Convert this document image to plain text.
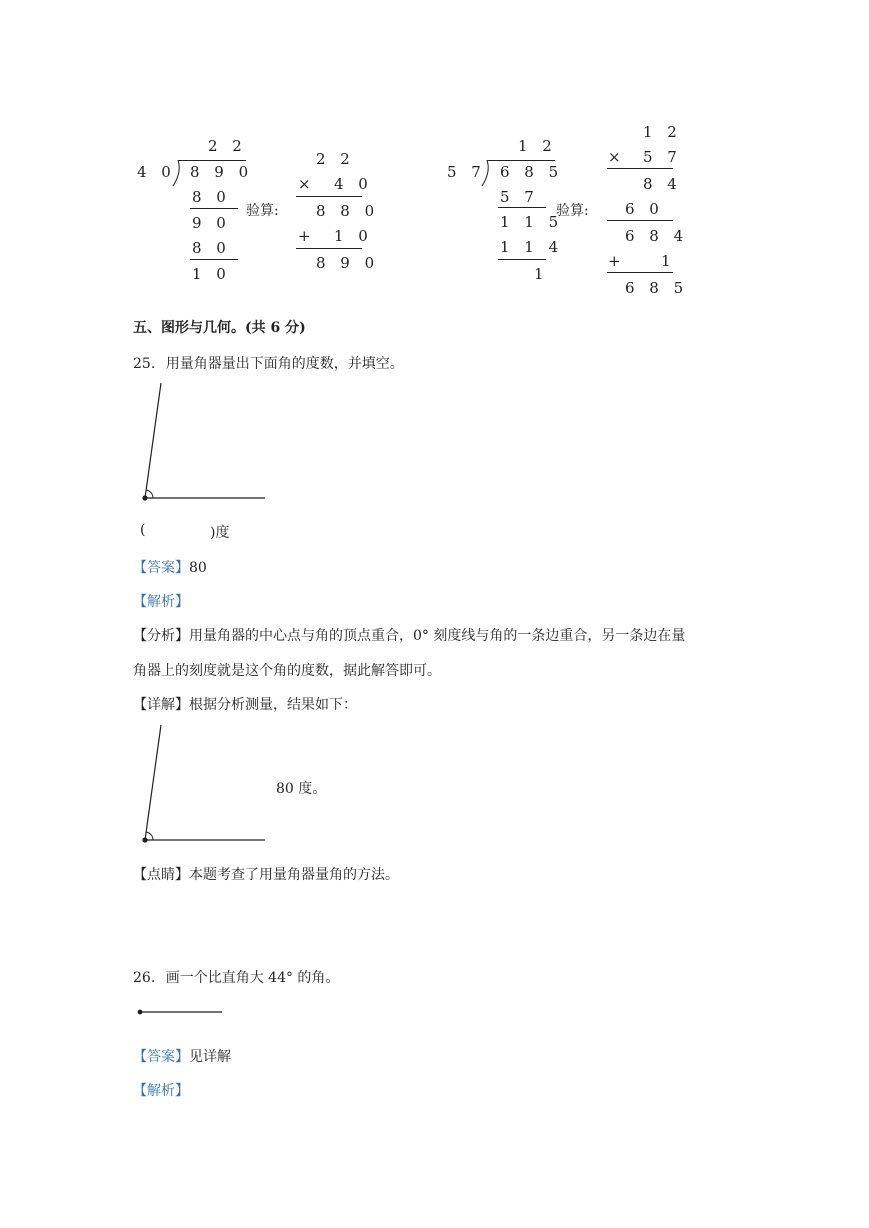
2 2
4 0 8 9 0
8 0
9 0
8 0
1 0
验算:
2 2
× 4 0
8 8 0
+ 1 0
8 9 0
1 2
5 7 6 8 5
5 7
1 1 5
1 1 4
1
验算:
1 2
× 5 7
8 4
6 0
6 8 4
+ 1
6 8 5
五、图形与几何。(共 6 分)
25. 用量角器量出下面角的度数，并填空。
(	)度
【答案】80
【解析】
【分析】用量角器的中心点与角的顶点重合，0° 刻度线与角的一条边重合，另一条边在量
角器上的刻度就是这个角的度数，据此解答即可。
【详解】根据分析测量，结果如下：
80 度。
【点睛】本题考查了用量角器量角的方法。
26. 画一个比直角大 44° 的角。
【答案】见详解
【解析】
